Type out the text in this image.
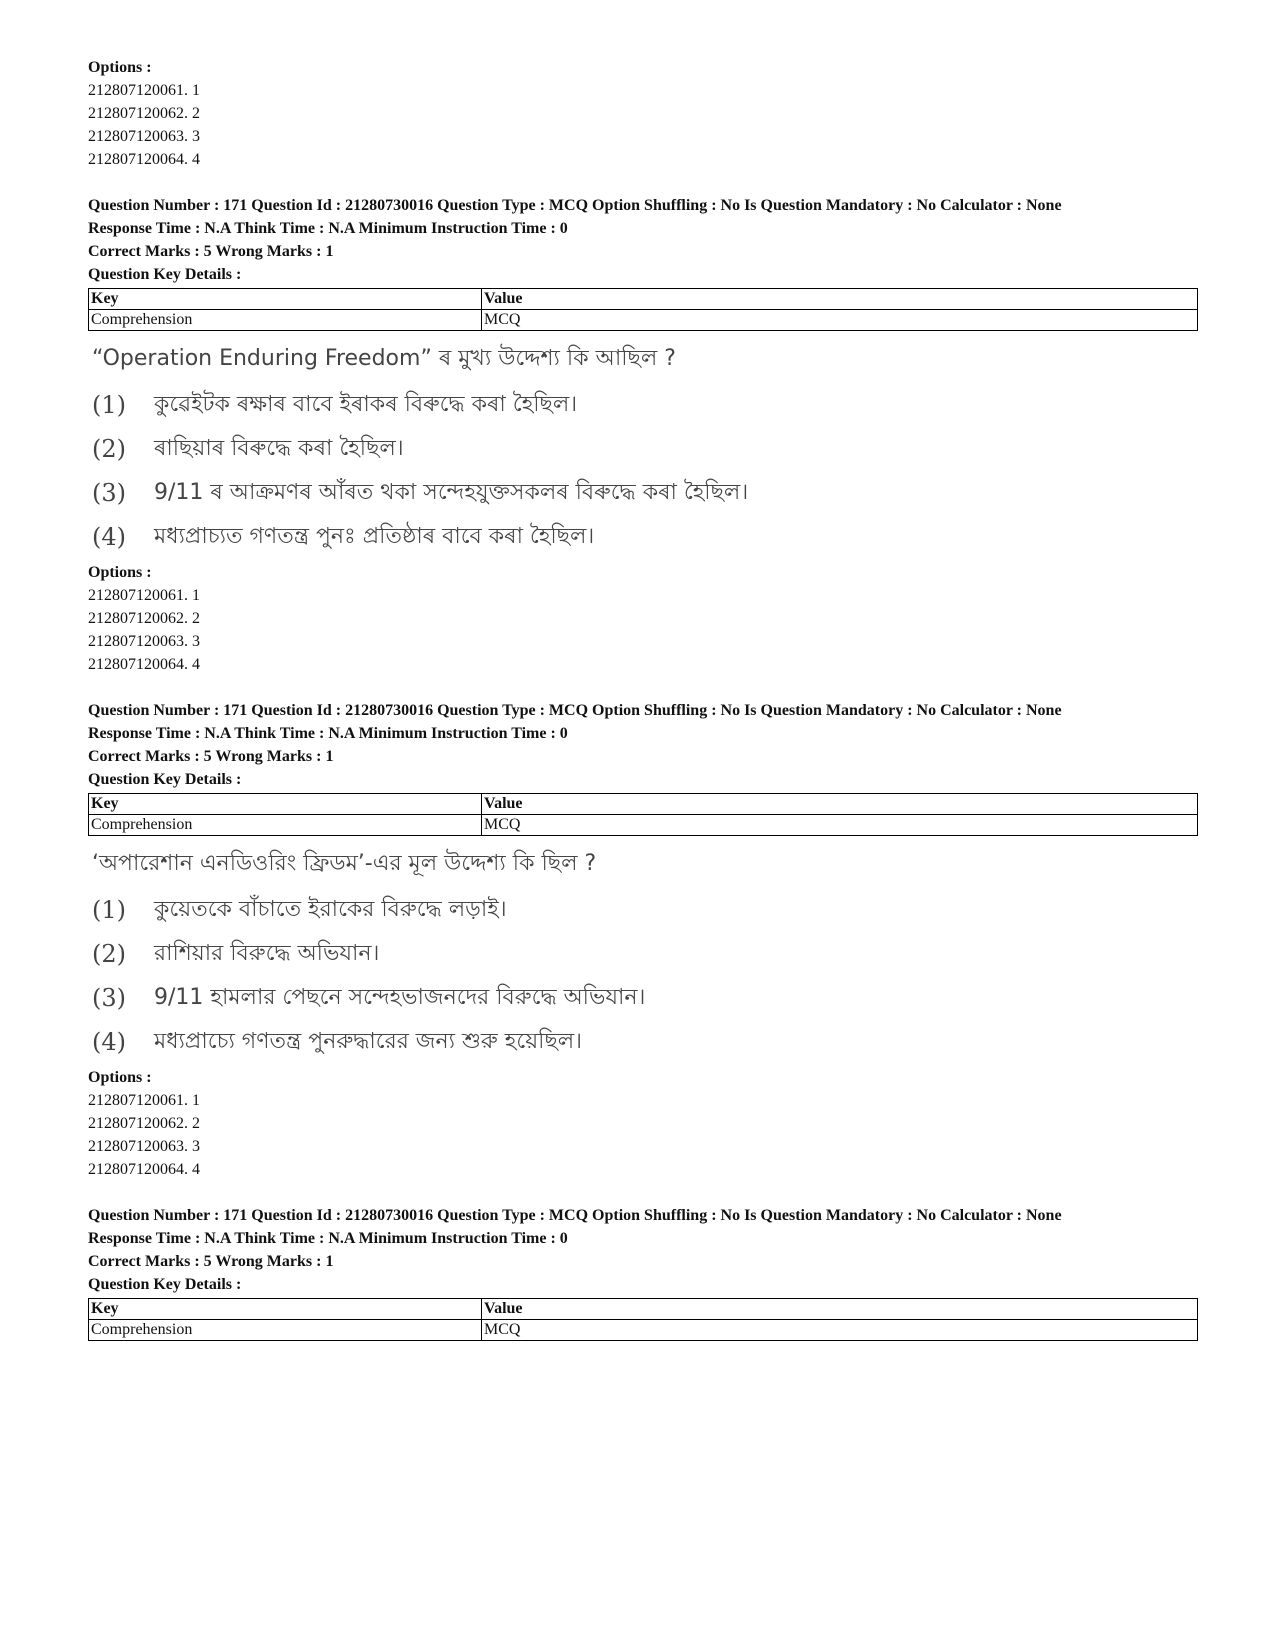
Options :
212807120061. 1
212807120062. 2
212807120063. 3
212807120064. 4
Question Number : 171 Question Id : 21280730016 Question Type : MCQ Option Shuffling : No Is Question Mandatory : No Calculator : None
Response Time : N.A Think Time : N.A Minimum Instruction Time : 0
Correct Marks : 5 Wrong Marks : 1
Question Key Details :
Key	Value
Comprehension	MCQ
“Operation Enduring Freedom” ৰ মুখ্য উদ্দেশ্য কি আছিল ?
(1)	কুৱেইটক ৰক্ষাৰ বাবে ইৰাকৰ বিৰুদ্ধে কৰা হৈছিল।
(2)	ৰাছিয়াৰ বিৰুদ্ধে কৰা হৈছিল।
(3)	9/11 ৰ আক্ৰমণৰ আঁৰত থকা সন্দেহযুক্তসকলৰ বিৰুদ্ধে কৰা হৈছিল।
(4)	মধ্যপ্ৰাচ্যত গণতন্ত্ৰ পুনঃ প্ৰতিষ্ঠাৰ বাবে কৰা হৈছিল।
Options :
212807120061. 1
212807120062. 2
212807120063. 3
212807120064. 4
Question Number : 171 Question Id : 21280730016 Question Type : MCQ Option Shuffling : No Is Question Mandatory : No Calculator : None
Response Time : N.A Think Time : N.A Minimum Instruction Time : 0
Correct Marks : 5 Wrong Marks : 1
Question Key Details :
Key	Value
Comprehension	MCQ
‘অপারেশান এনডিওরিং ফ্রিডম’-এর মূল উদ্দেশ্য কি ছিল ?
(1)	কুয়েতকে বাঁচাতে ইরাকের বিরুদ্ধে লড়াই।
(2)	রাশিয়ার বিরুদ্ধে অভিযান।
(3)	9/11 হামলার পেছনে সন্দেহভাজনদের বিরুদ্ধে অভিযান।
(4)	মধ্যপ্রাচ্যে গণতন্ত্র পুনরুদ্ধারের জন্য শুরু হয়েছিল।
Options :
212807120061. 1
212807120062. 2
212807120063. 3
212807120064. 4
Question Number : 171 Question Id : 21280730016 Question Type : MCQ Option Shuffling : No Is Question Mandatory : No Calculator : None
Response Time : N.A Think Time : N.A Minimum Instruction Time : 0
Correct Marks : 5 Wrong Marks : 1
Question Key Details :
Key	Value
Comprehension	MCQ
